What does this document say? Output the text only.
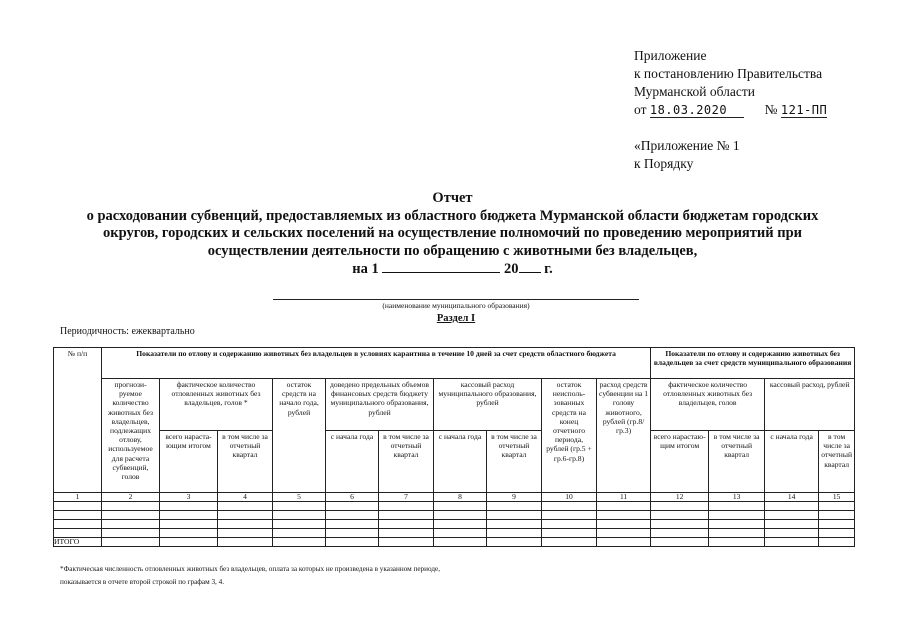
Приложение
к постановлению Правительства
Мурманской области
от 18.03.2020	№ 121-ПП
«Приложение № 1
к Порядку
Отчет
о расходовании субвенций, предоставляемых из областного бюджета Мурманской области бюджетам городских
округов, городских и сельских поселений на осуществление полномочий по проведению мероприятий при
осуществлении деятельности по обращению с животными без владельцев,
на 1	20 г.
(наименование муниципального образования)
Раздел I
Периодичность: ежеквартально
№ п/п	Показатели по отлову и содержанию животных без владельцев в условиях карантина в течение 10 дней за счет средств областного бюджета										Показатели по отлову и содержанию животных без владельцев за счет средств муниципального образования			
	прогнози-руемое количество животных без владельцев, подлежащих отлову, используемое для расчета субвенций, голов	фактическое количество отловленных животных без владельцев, голов *		остаток средств на начало года, рублей	доведено предельных объемов финансовых средств бюджету муниципального образования, рублей		кассовый расход муниципального образования, рублей		остаток неисполь-зованных средств на конец отчетного периода, рублей (гр.5 + гр.6-гр.8)	расход средств субвенции на 1 голову животного, рублей (гр.8/гр.3)	фактическое количество отловленных животных без владельцев, голов		кассовый расход, рублей	
		всего нараста-ющим итогом	в том числе за отчетный квартал		с начала года	в том числе за отчетный квартал	с начала года	в том числе за отчетный квартал			всего нарастаю-щим итогом	в том числе за отчетный квартал	с начала года	в том числе за отчетный квартал
1	2	3	4	5	6	7	8	9	10	11	12	13	14	15

ИТОГО														
*Фактическая численность отловленных животных без владельцев, оплата за которых не произведена в указанном периоде,
показывается в отчете второй строкой по графам 3, 4.
